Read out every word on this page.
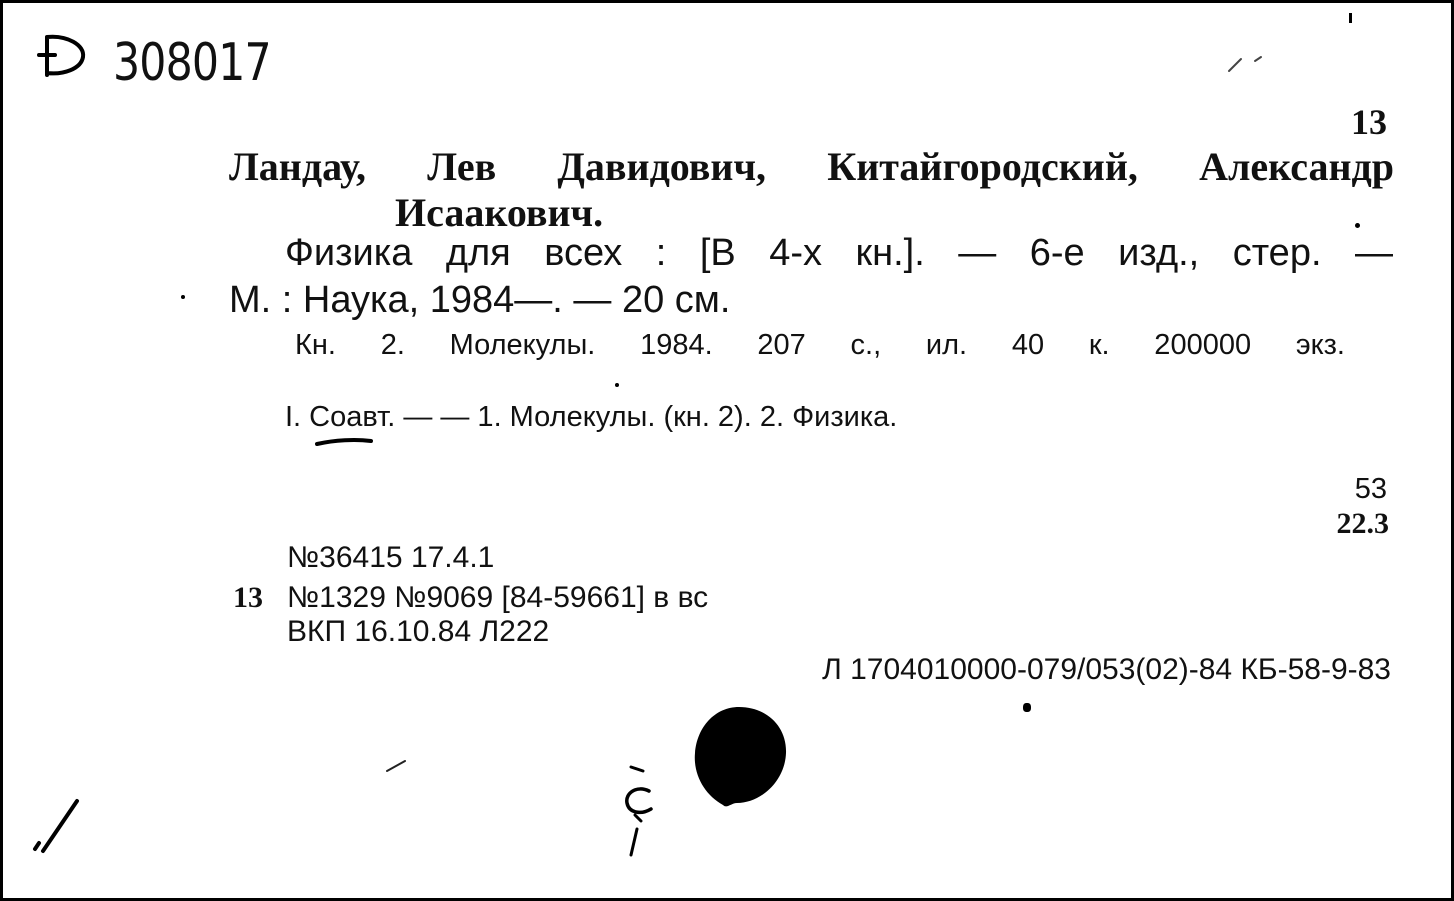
308017
13
Ландау, Лев Давидович, Китайгородский, Александр
Исаакович.
Физика для всех : [В 4-х кн.]. — 6-е изд., стер. —
М. : Наука, 1984—. — 20 см.
Кн. 2. Молекулы. 1984. 207 с., ил. 40 к. 200000 экз.
I. Соавт. — — 1. Молекулы. (кн. 2). 2. Физика.
53
22.3
№36415 17.4.1
13 №1329 №9069 [84-59661] в вс
ВКП 16.10.84 Л222
Л 1704010000-079/053(02)-84 КБ-58-9-83
